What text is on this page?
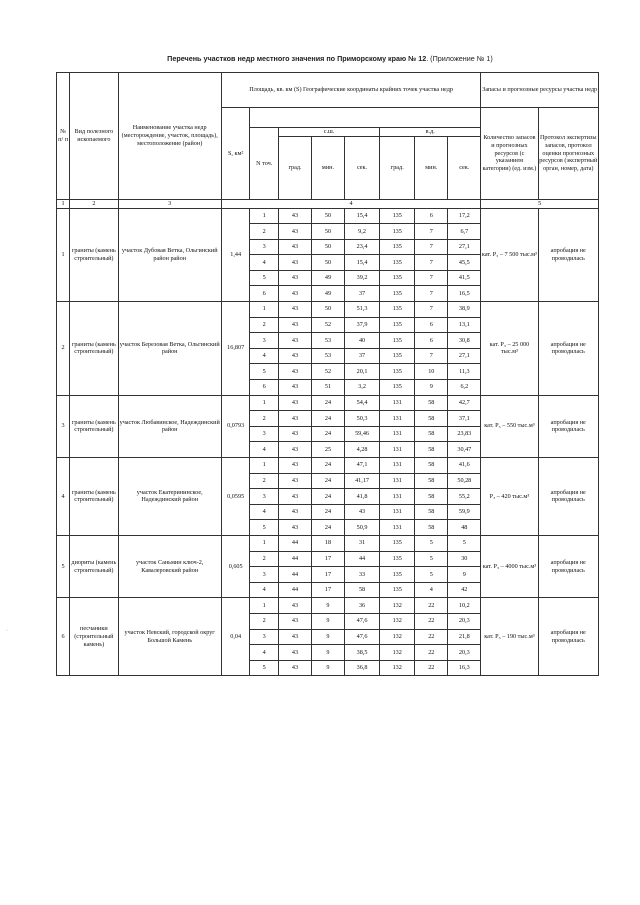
Перечень участков недр местного значения по Приморскому краю № 12. (Приложение № 1)
№ п/ п	Вид полезного ископаемого	Наименование участка недр (месторождение, участок, площадь), местоположение (район)	Площадь, кв. км (S) Географические координаты крайних точек участка недр								Запасы и прогнозные ресурсы участка недр	
			S, км²								Количество запасов и прогнозных ресурсов (с указанием категории) (ед. изм.)	Протокол экспертизы запасов, протокол оценки прогнозных ресурсов (экспертный орган, номер, дата)
				N точ.	с.ш.			в.д.				
					град.	мин.	сек.	град.	мин.	сек.		
1	2	3	4								5	
1	граниты (камень строительный)	участок Дубовая Ветка, Ольгинский район район	1,44	1	43	50	15,4	135	6	17,2	кат. Р₃ – 7 500 тыс.м³	апробация не проводилась
				2	43	50	9,2	135	7	6,7		
				3	43	50	23,4	135	7	27,1		
				4	43	50	15,4	135	7	45,5		
				5	43	49	39,2	135	7	41,5		
				6	43	49	37	135	7	16,5		
2	граниты (камень строительный)	участок Березовая Ветка, Ольгинский район	16,807	1	43	50	51,3	135	7	38,9	кат. Р₃ – 25 000 тыс.м³	апробация не проводилась
				2	43	52	37,9	135	6	13,1		
				3	43	53	40	135	6	30,8		
				4	43	53	37	135	7	27,1		
				5	43	52	20,1	135	10	11,3		
				6	43	51	3,2	135	9	6,2		
3	граниты (камень строительный)	участок Любавинское, Надеждинский район	0,0793	1	43	24	54,4	131	58	42,7	кат. Р₃ – 550 тыс.м³	апробация не проводилась
				2	43	24	50,3	131	58	37,1		
				3	43	24	59,46	131	58	23,83		
				4	43	25	4,28	131	58	30,47		
4	граниты (камень строительный)	участок Екатерининское, Надеждинский район	0,0595	1	43	24	47,1	131	58	41,6	Р₃ – 420 тыс.м³	апробация не проводилась
				2	43	24	41,17	131	58	50,28		
				3	43	24	41,8	131	58	55,2		
				4	43	24	43	131	58	59,9		
				5	43	24	50,9	131	58	48		
5	диориты (камень строительный)	участок Саньмин ключ-2, Кавалеровский район	0,605	1	44	18	31	135	5	5	кат. Р₃ – 4000 тыс.м³	апробация не проводилась
				2	44	17	44	135	5	30		
				3	44	17	33	135	5	9		
				4	44	17	58	135	4	42		
6	песчаники (строительный камень)	участок Невский, городской округ Большой Камень	0,04	1	43	9	36	132	22	10,2	кат. Р₃ – 190 тыс.м³	апробация не проводилась
				2	43	9	47,6	132	22	20,3		
				3	43	9	47,6	132	22	21,8		
				4	43	9	38,5	132	22	20,3		
				5	43	9	36,8	132	22	16,3		
·
